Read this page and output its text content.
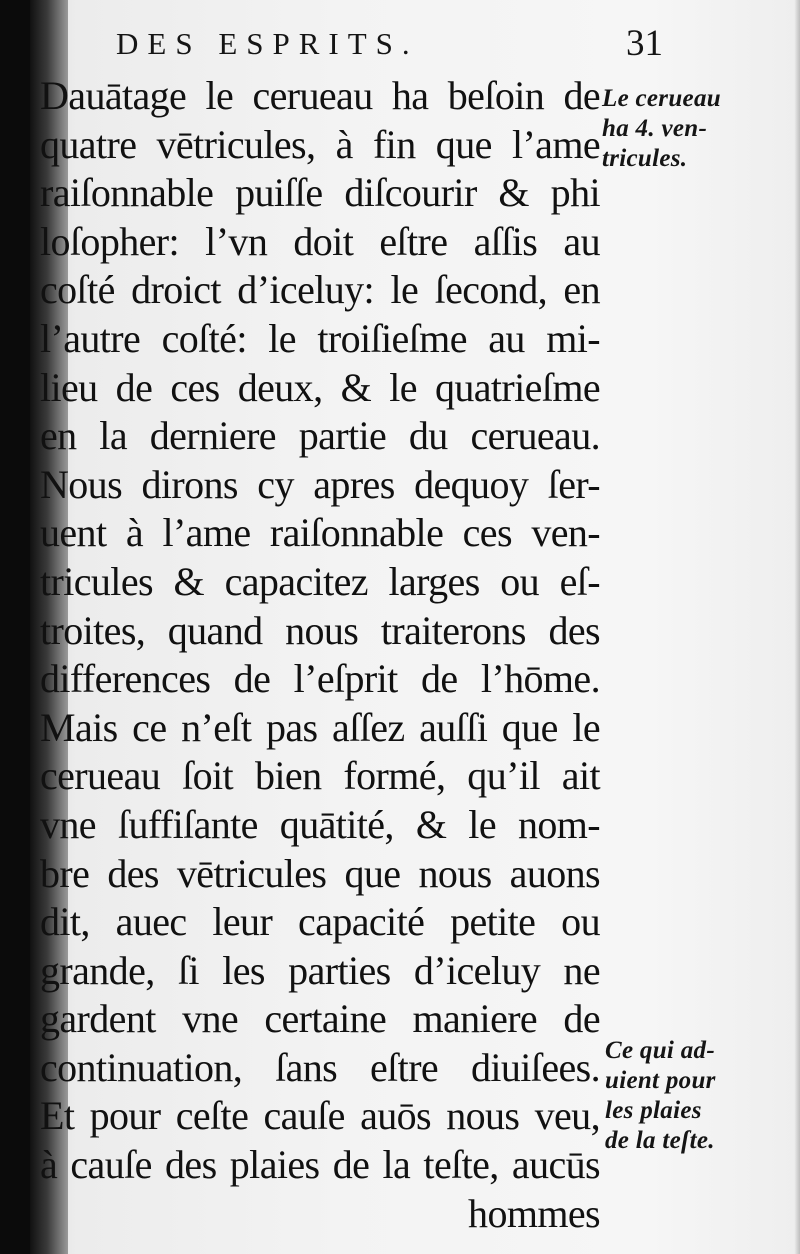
DES ESPRITS.	31
Dauātage le cerueau ha beſoin de
quatre vētricules, à fin que l’ame
raiſonnable puiſſe diſcourir & phi
loſopher: l’vn doit eſtre aſſis au
coſté droict d’iceluy: le ſecond, en
l’autre coſté: le troiſieſme au mi-
lieu de ces deux, & le quatrieſme
en la derniere partie du cerueau.
Nous dirons cy apres dequoy ſer-
uent à l’ame raiſonnable ces ven-
tricules & capacitez larges ou eſ-
troites, quand nous traiterons des
differences de l’eſprit de l’hōme.
Mais ce n’eſt pas aſſez auſſi que le
cerueau ſoit bien formé, qu’il ait
vne ſuffiſante quātité, & le nom-
bre des vētricules que nous auons
dit, auec leur capacité petite ou
grande, ſi les parties d’iceluy ne
gardent vne certaine maniere de
continuation, ſans eſtre diuiſees.
Et pour ceſte cauſe auōs nous veu,
à cauſe des plaies de la teſte, aucūs
hommes
Le cerueau
ha 4. ven-
tricules.
Ce qui ad-
uient pour
les plaies
de la teſte.
